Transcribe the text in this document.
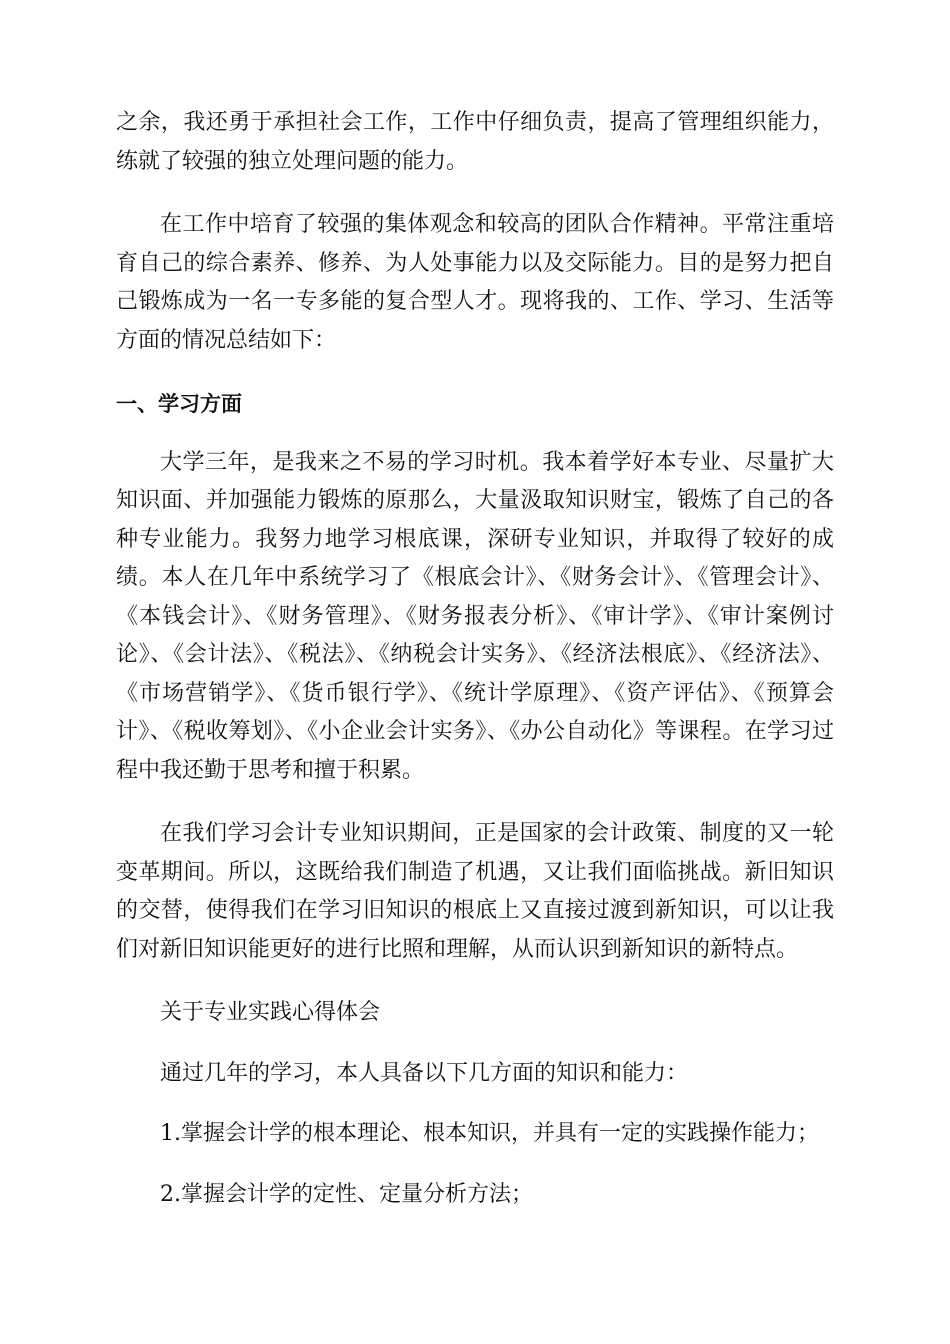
之余，我还勇于承担社会工作，工作中仔细负责，提高了管理组织能力，练就了较强的独立处理问题的能力。

在工作中培育了较强的集体观念和较高的团队合作精神。平常注重培育自己的综合素养、修养、为人处事能力以及交际能力。目的是努力把自己锻炼成为一名一专多能的复合型人才。现将我的、工作、学习、生活等方面的情况总结如下：

一、学习方面

大学三年，是我来之不易的学习时机。我本着学好本专业、尽量扩大知识面、并加强能力锻炼的原那么，大量汲取知识财宝，锻炼了自己的各种专业能力。我努力地学习根底课，深研专业知识，并取得了较好的成绩。本人在几年中系统学习了《根底会计》、《财务会计》、《管理会计》、《本钱会计》、《财务管理》、《财务报表分析》、《审计学》、《审计案例讨论》、《会计法》、《税法》、《纳税会计实务》、《经济法根底》、《经济法》、《市场营销学》、《货币银行学》、《统计学原理》、《资产评估》、《预算会计》、《税收筹划》、《小企业会计实务》、《办公自动化》等课程。在学习过程中我还勤于思考和擅于积累。

在我们学习会计专业知识期间，正是国家的会计政策、制度的又一轮变革期间。所以，这既给我们制造了机遇，又让我们面临挑战。新旧知识的交替，使得我们在学习旧知识的根底上又直接过渡到新知识，可以让我们对新旧知识能更好的进行比照和理解，从而认识到新知识的新特点。

关于专业实践心得体会

通过几年的学习，本人具备以下几方面的知识和能力：

1.掌握会计学的根本理论、根本知识，并具有一定的实践操作能力；

2.掌握会计学的定性、定量分析方法；
